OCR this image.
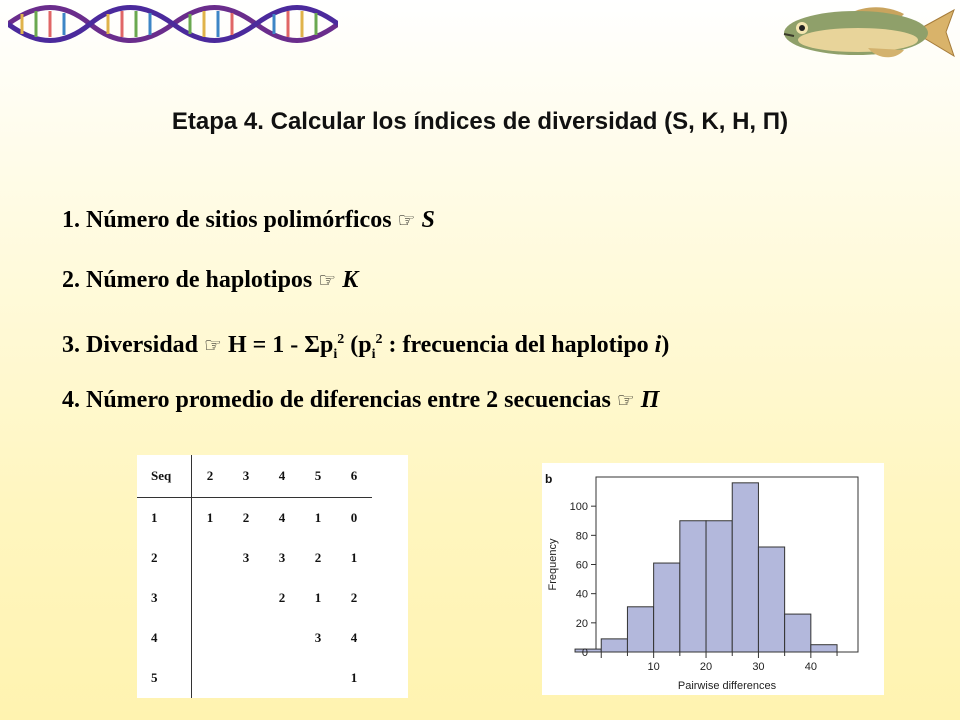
Etapa 4. Calcular los índices de diversidad (S, K, H, Π)
1. Número de sitios polimórficos ☞ S
2. Número de haplotipos ☞ K
3. Diversidad ☞ $H = 1 - \Sigma p_i^2$ ($p_i^2$ : frecuencia del haplotipo i)
4. Número promedio de diferencias entre 2 secuencias ☞ Π
Seq	2	3	4	5	6
1	1	2	4	1	0
2		3	3	2	1
3			2	1	2
4				3	4
5					1
0
20
40
60
80
100
10	20	30	40
Pairwise differences
Frequency
b
